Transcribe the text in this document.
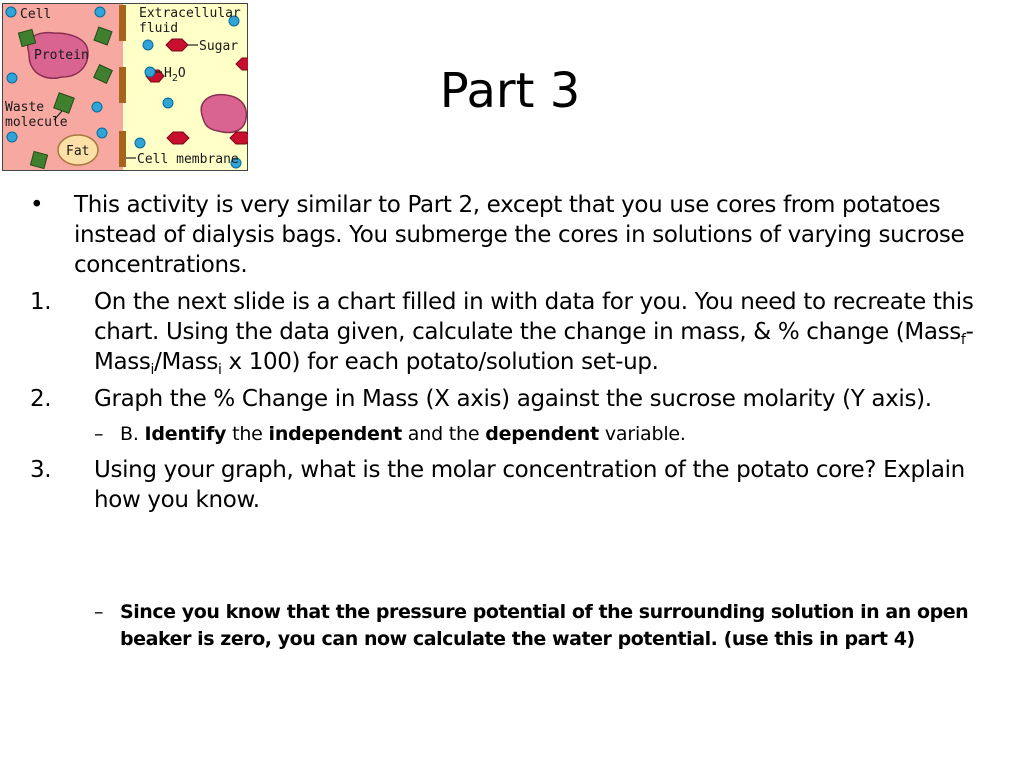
Protein
Fat
Cell	Extracellular fluid
Sugar
$H_2O$
Waste molecule
Cell membrane
Part 3
• This activity is very similar to Part 2, except that you use cores from potatoes instead of dialysis bags. You submerge the cores in solutions of varying sucrose concentrations.
1. On the next slide is a chart filled in with data for you. You need to recreate this chart. Using the data given, calculate the change in mass, & % change (Mass$_f$-Mass$_i$/Mass$_i$ x 100) for each potato/solution set-up.
2. Graph the % Change in Mass (X axis) against the sucrose molarity (Y axis).
– B. Identify the independent and the dependent variable.
3. Using your graph, what is the molar concentration of the potato core? Explain how you know.
– Since you know that the pressure potential of the surrounding solution in an open beaker is zero, you can now calculate the water potential. (use this in part 4)
